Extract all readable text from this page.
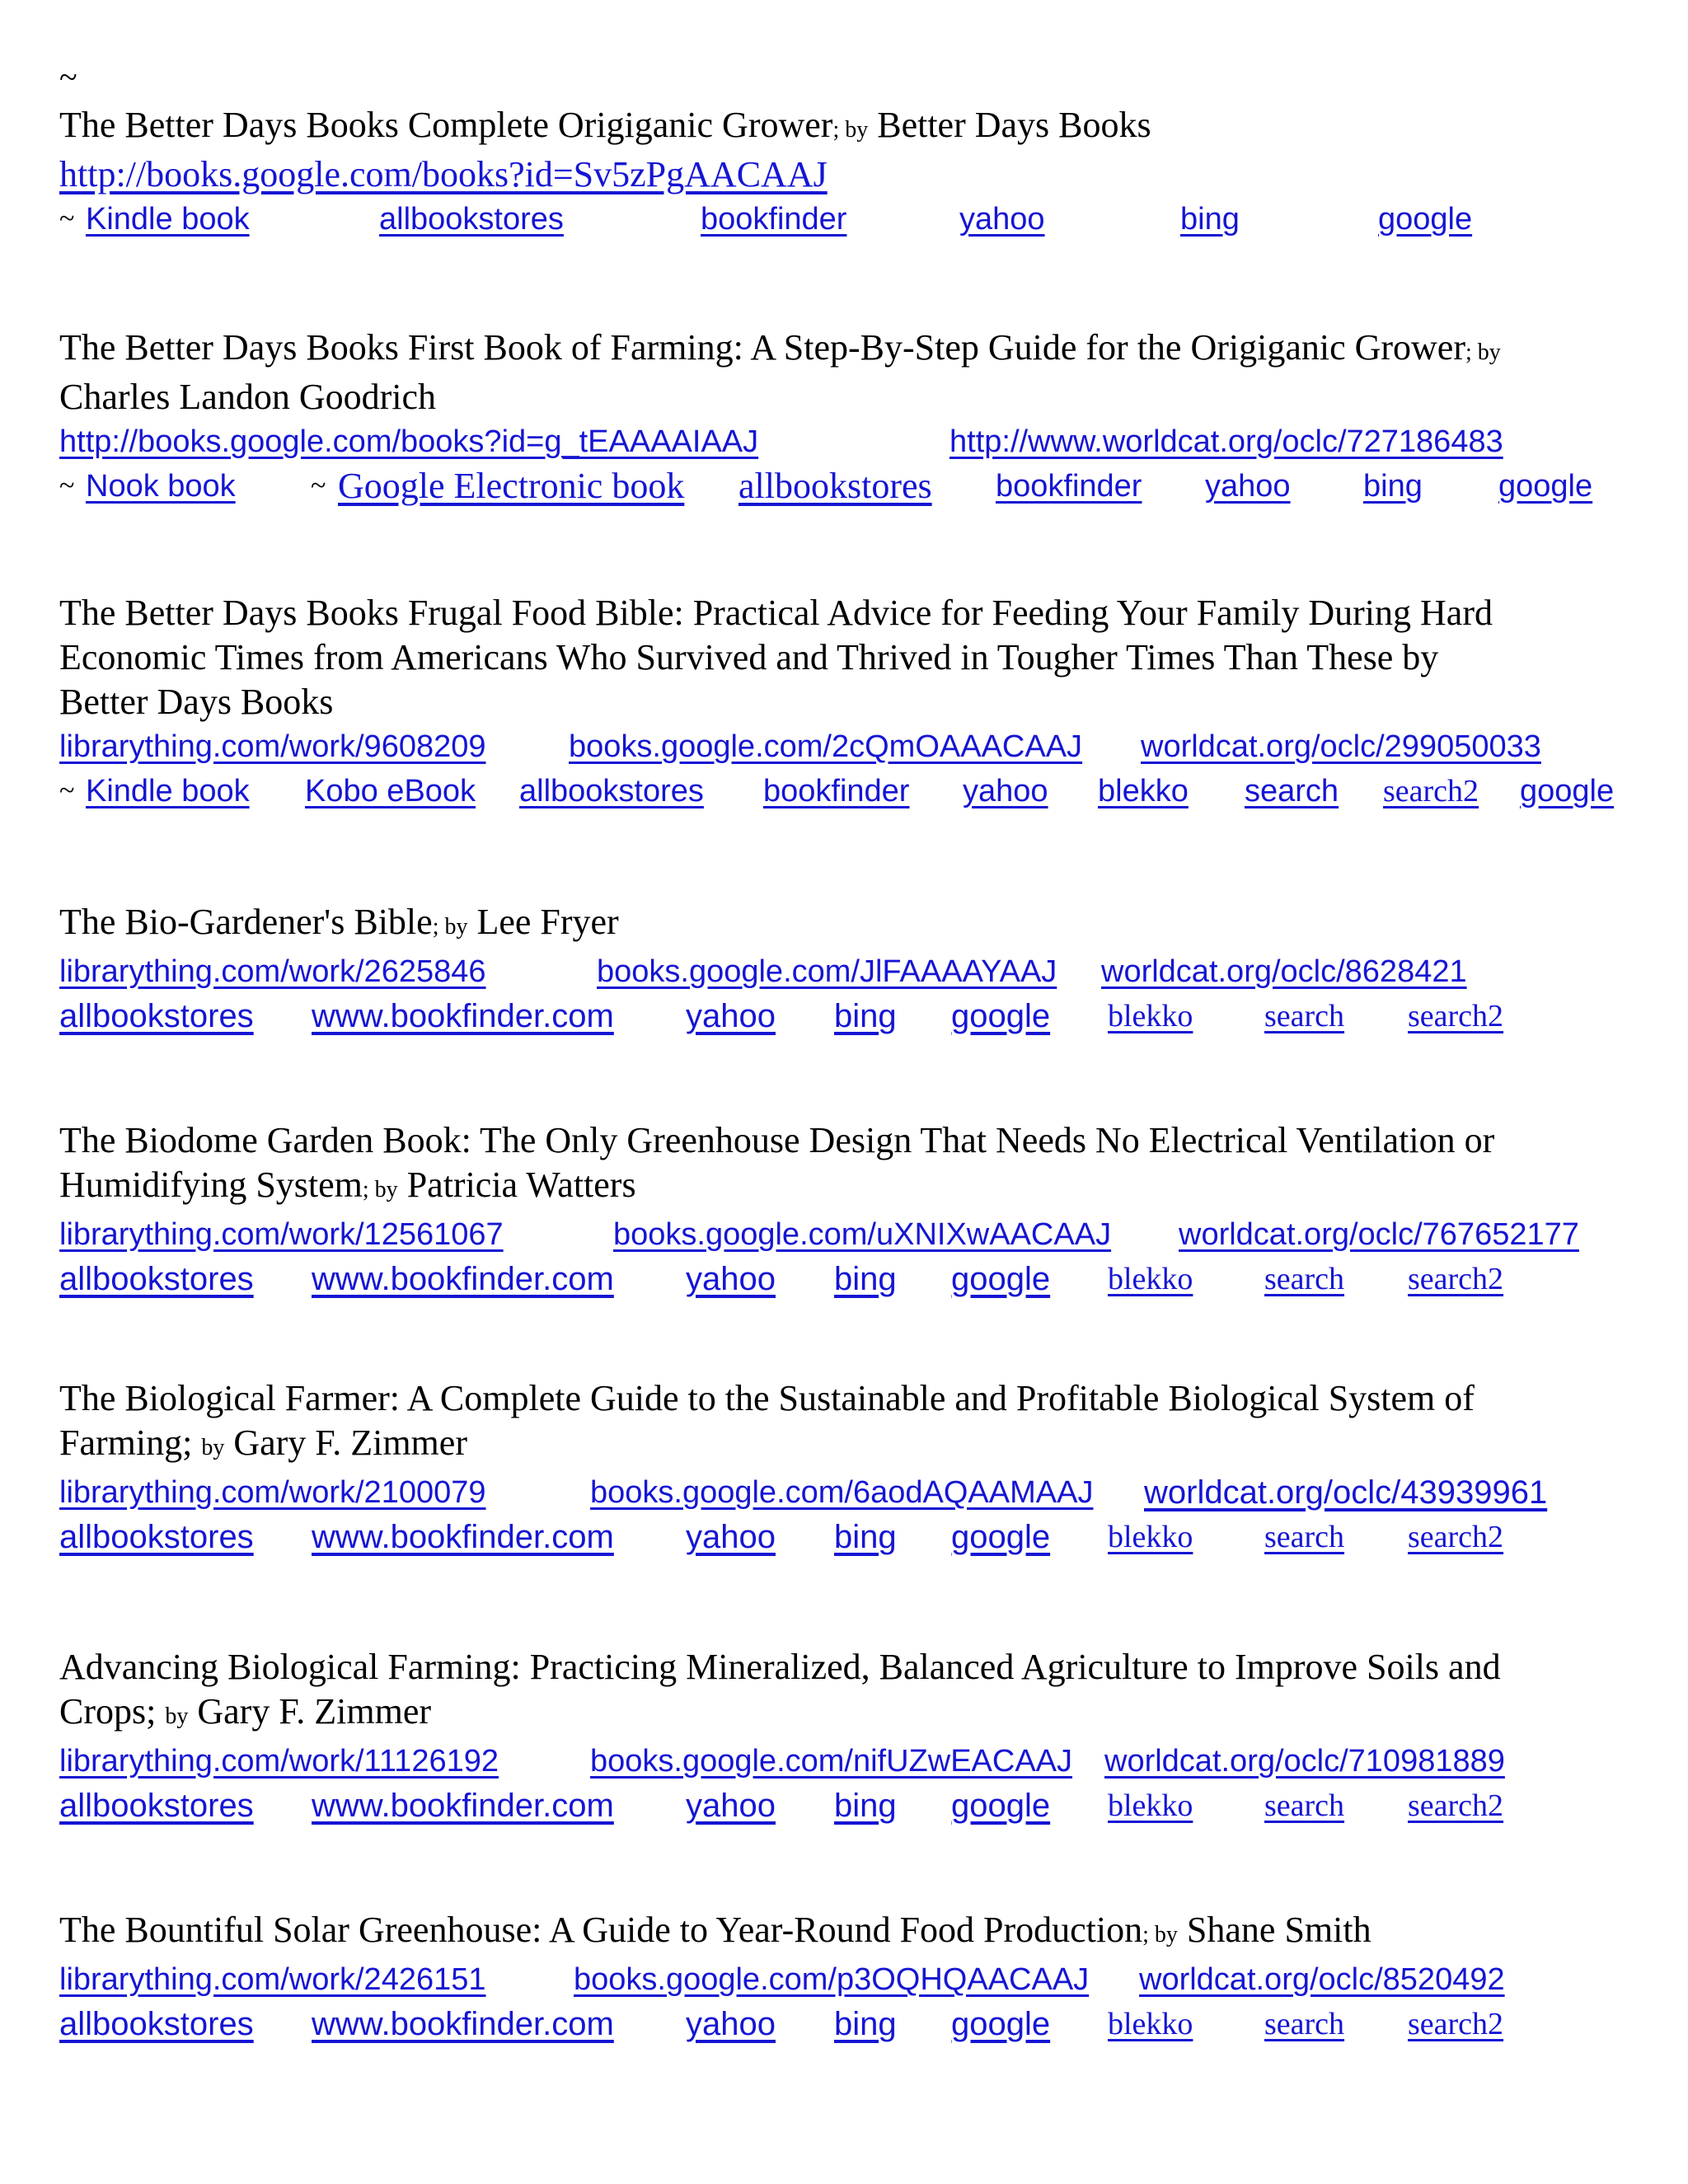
~
The Better Days Books Complete Origiganic Grower; by Better Days Books
http://books.google.com/books?id=Sv5zPgAACAAJ
~ Kindle book	allbookstores	bookfinder	yahoo	bing	google
The Better Days Books First Book of Farming: A Step-By-Step Guide for the Origiganic Grower; by
Charles Landon Goodrich
http://books.google.com/books?id=g_tEAAAAIAAJ	http://www.worldcat.org/oclc/727186483
~ Nook book	~ Google Electronic book allbookstores bookfinder yahoo bing google
The Better Days Books Frugal Food Bible: Practical Advice for Feeding Your Family During Hard
Economic Times from Americans Who Survived and Thrived in Tougher Times Than These by
Better Days Books
librarything.com/work/9608209	books.google.com/2cQmOAAACAAJ worldcat.org/oclc/299050033
~ Kindle book Kobo eBook allbookstores bookfinder yahoo blekko search search2 google
The Bio-Gardener's Bible; by Lee Fryer
librarything.com/work/2625846	books.google.com/JlFAAAAYAAJ worldcat.org/oclc/8628421
allbookstores www.bookfinder.com yahoo bing google blekko search search2
The Biodome Garden Book: The Only Greenhouse Design That Needs No Electrical Ventilation or
Humidifying System; by Patricia Watters
librarything.com/work/12561067	books.google.com/uXNIXwAACAAJ worldcat.org/oclc/767652177
allbookstores www.bookfinder.com yahoo bing google blekko search search2
The Biological Farmer: A Complete Guide to the Sustainable and Profitable Biological System of
Farming; by Gary F. Zimmer
librarything.com/work/2100079	books.google.com/6aodAQAAMAAJ worldcat.org/oclc/43939961
allbookstores www.bookfinder.com yahoo bing google blekko search search2
Advancing Biological Farming: Practicing Mineralized, Balanced Agriculture to Improve Soils and
Crops; by Gary F. Zimmer
librarything.com/work/11126192	books.google.com/nifUZwEACAAJ worldcat.org/oclc/710981889
allbookstores www.bookfinder.com yahoo bing google blekko search search2
The Bountiful Solar Greenhouse: A Guide to Year-Round Food Production; by Shane Smith
librarything.com/work/2426151	books.google.com/p3OQHQAACAAJ worldcat.org/oclc/8520492
allbookstores www.bookfinder.com yahoo bing google blekko search search2
